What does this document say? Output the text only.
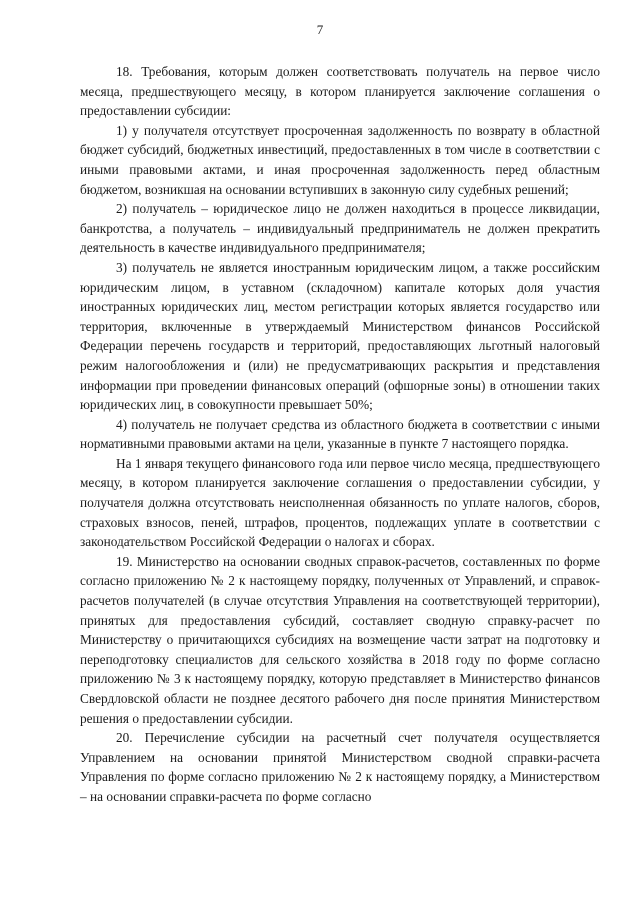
7

18. Требования, которым должен соответствовать получатель на первое число месяца, предшествующего месяцу, в котором планируется заключение соглашения о предоставлении субсидии:

1) у получателя отсутствует просроченная задолженность по возврату в областной бюджет субсидий, бюджетных инвестиций, предоставленных в том числе в соответствии с иными правовыми актами, и иная просроченная задолженность перед областным бюджетом, возникшая на основании вступивших в законную силу судебных решений;

2) получатель – юридическое лицо не должен находиться в процессе ликвидации, банкротства, а получатель – индивидуальный предприниматель не должен прекратить деятельность в качестве индивидуального предпринимателя;

3) получатель не является иностранным юридическим лицом, а также российским юридическим лицом, в уставном (складочном) капитале которых доля участия иностранных юридических лиц, местом регистрации которых является государство или территория, включенные в утверждаемый Министерством финансов Российской Федерации перечень государств и территорий, предоставляющих льготный налоговый режим налогообложения и (или) не предусматривающих раскрытия и представления информации при проведении финансовых операций (офшорные зоны) в отношении таких юридических лиц, в совокупности превышает 50%;

4) получатель не получает средства из областного бюджета в соответствии с иными нормативными правовыми актами на цели, указанные в пункте 7 настоящего порядка.

На 1 января текущего финансового года или первое число месяца, предшествующего месяцу, в котором планируется заключение соглашения о предоставлении субсидии, у получателя должна отсутствовать неисполненная обязанность по уплате налогов, сборов, страховых взносов, пеней, штрафов, процентов, подлежащих уплате в соответствии с законодательством Российской Федерации о налогах и сборах.

19. Министерство на основании сводных справок-расчетов, составленных по форме согласно приложению № 2 к настоящему порядку, полученных от Управлений, и справок-расчетов получателей (в случае отсутствия Управления на соответствующей территории), принятых для предоставления субсидий, составляет сводную справку-расчет по Министерству о причитающихся субсидиях на возмещение части затрат на подготовку и переподготовку специалистов для сельского хозяйства в 2018 году по форме согласно приложению № 3 к настоящему порядку, которую представляет в Министерство финансов Свердловской области не позднее десятого рабочего дня после принятия Министерством решения о предоставлении субсидии.

20. Перечисление субсидии на расчетный счет получателя осуществляется Управлением на основании принятой Министерством сводной справки-расчета Управления по форме согласно приложению № 2 к настоящему порядку, а Министерством – на основании справки-расчета по форме согласно
